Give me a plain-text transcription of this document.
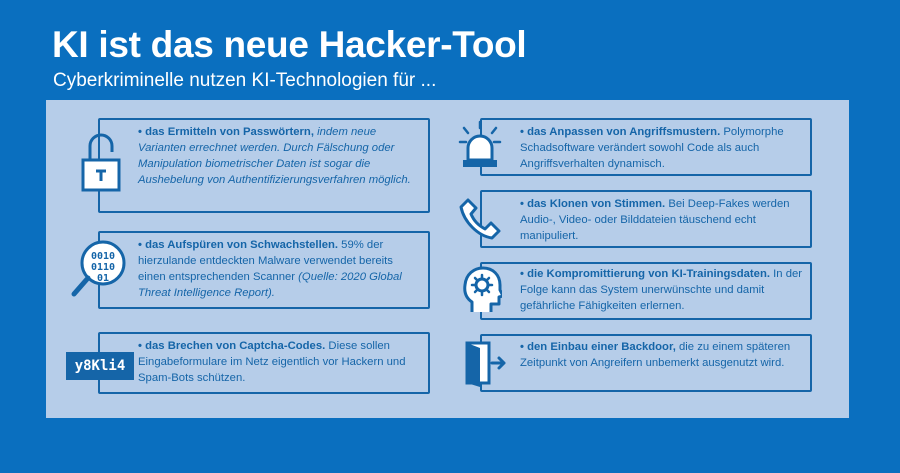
KI ist das neue Hacker-Tool
Cyberkriminelle nutzen KI-Technologien für ...

• das Ermitteln von Passwörtern, indem neue Varianten errechnet werden. Durch Fälschung oder Manipulation biometrischer Daten ist sogar die Aushebelung von Authentifizierungsverfahren möglich.

0010
0110
01

• das Aufspüren von Schwachstellen. 59% der hierzulande entdeckten Malware verwendet bereits einen entsprechenden Scanner (Quelle: 2020 Global Threat Intelligence Report).

y8Kli4

• das Brechen von Captcha-Codes. Diese sollen Eingabeformulare im Netz eigentlich vor Hackern und Spam-Bots schützen.

• das Anpassen von Angriffsmustern. Polymorphe Schadsoftware verändert sowohl Code als auch Angriffsverhalten dynamisch.

• das Klonen von Stimmen. Bei Deep-Fakes werden Audio-, Video- oder Bilddateien täuschend echt manipuliert.

• die Kompromittierung von KI-Trainingsdaten. In der Folge kann das System unerwünschte und damit gefährliche Fähigkeiten erlernen.

• den Einbau einer Backdoor, die zu einem späteren Zeitpunkt von Angreifern unbemerkt ausgenutzt wird.
